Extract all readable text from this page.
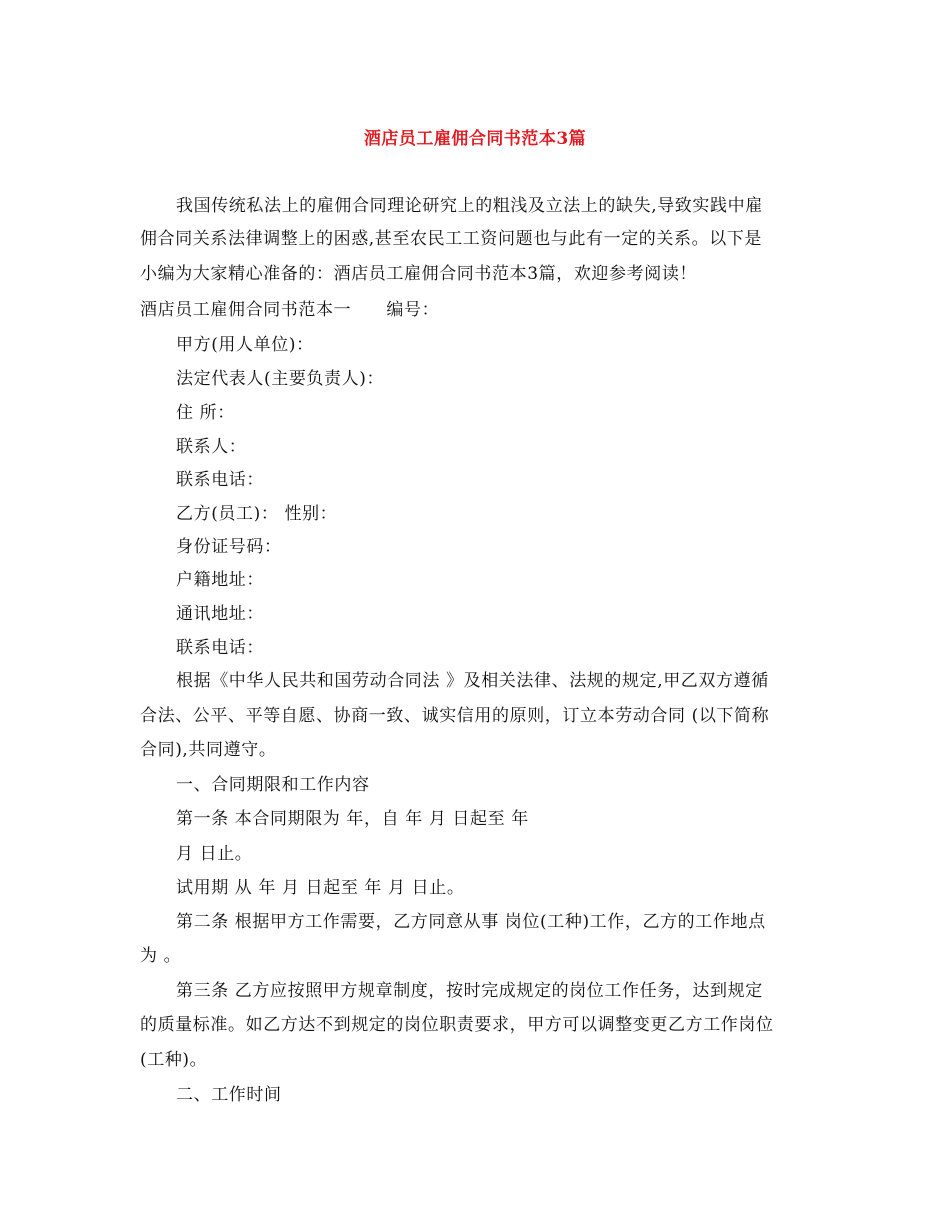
酒店员工雇佣合同书范本3篇
我国传统私法上的雇佣合同理论研究上的粗浅及立法上的缺失,导致实践中雇
佣合同关系法律调整上的困惑,甚至农民工工资问题也与此有一定的关系。以下是
小编为大家精心准备的：酒店员工雇佣合同书范本3篇，欢迎参考阅读！
酒店员工雇佣合同书范本一　　编号：
甲方(用人单位)：
法定代表人(主要负责人)：
住 所：
联系人：
联系电话：
乙方(员工)： 性别：
身份证号码：
户籍地址：
通讯地址：
联系电话：
根据《中华人民共和国劳动合同法 》及相关法律、法规的规定,甲乙双方遵循
合法、公平、平等自愿、协商一致、诚实信用的原则，订立本劳动合同 (以下简称
合同),共同遵守。
一、合同期限和工作内容
第一条 本合同期限为 年，自 年 月 日起至 年
月 日止。
试用期 从 年 月 日起至 年 月 日止。
第二条 根据甲方工作需要，乙方同意从事 岗位(工种)工作，乙方的工作地点
为 。
第三条 乙方应按照甲方规章制度，按时完成规定的岗位工作任务，达到规定
的质量标准。如乙方达不到规定的岗位职责要求，甲方可以调整变更乙方工作岗位
(工种)。
二、工作时间
